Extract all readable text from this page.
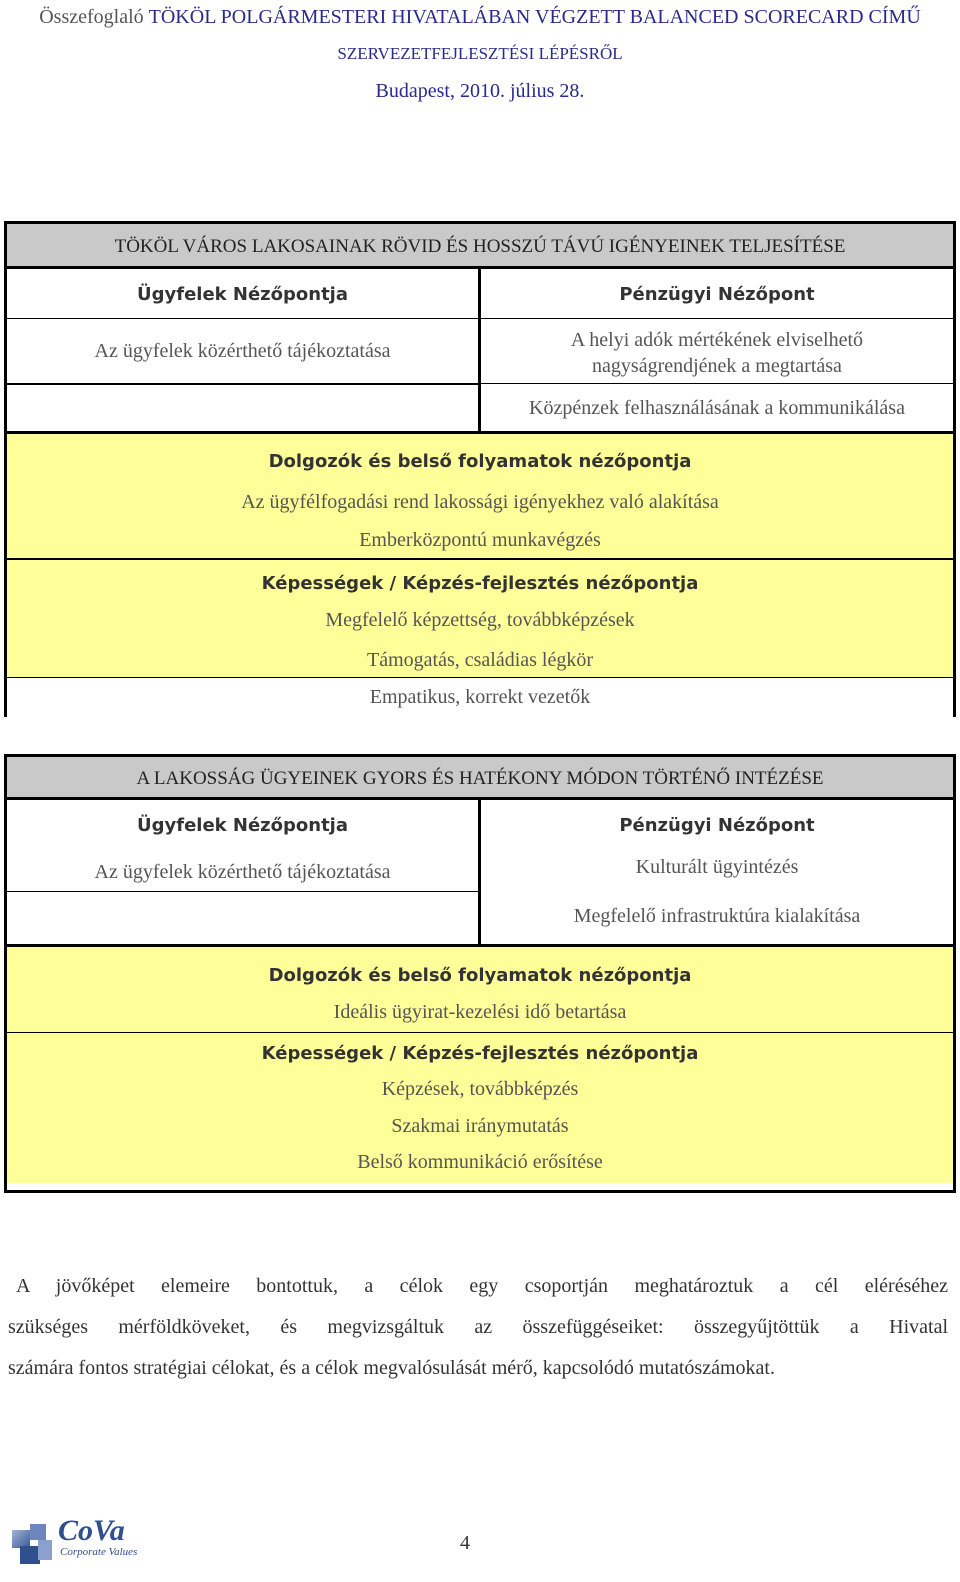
Összefoglaló TÖKÖL POLGÁRMESTERI HIVATALÁBAN VÉGZETT BALANCED SCORECARD CÍMŰ
SZERVEZETFEJLESZTÉSI LÉPÉSRŐL
Budapest, 2010. július 28.
TÖKÖL VÁROS LAKOSAINAK RÖVID ÉS HOSSZÚ TÁVÚ IGÉNYEINEK TELJESÍTÉSE
Ügyfelek Nézőpontja
Az ügyfelek közérthető tájékoztatása
Pénzügyi Nézőpont
A helyi adók mértékének elviselhető nagyságrendjének a megtartása
Közpénzek felhasználásának a kommunikálása
Dolgozók és belső folyamatok nézőpontja
Az ügyfélfogadási rend lakossági igényekhez való alakítása
Emberközpontú munkavégzés
Képességek / Képzés-fejlesztés nézőpontja
Megfelelő képzettség, továbbképzések
Támogatás, családias légkör
Empatikus, korrekt vezetők
A LAKOSSÁG ÜGYEINEK GYORS ÉS HATÉKONY MÓDON TÖRTÉNŐ INTÉZÉSE
Ügyfelek Nézőpontja
Az ügyfelek közérthető tájékoztatása
Pénzügyi Nézőpont
Kulturált ügyintézés
Megfelelő infrastruktúra kialakítása
Dolgozók és belső folyamatok nézőpontja
Ideális ügyirat-kezelési idő betartása
Képességek / Képzés-fejlesztés nézőpontja
Képzések, továbbképzés
Szakmai iránymutatás
Belső kommunikáció erősítése
A jövőképet elemeire bontottuk, a célok egy csoportján meghatároztuk a cél eléréséhez
szükséges mérföldköveket, és megvizsgáltuk az összefüggéseiket: összegyűjtöttük a Hivatal
számára fontos stratégiai célokat, és a célok megvalósulását mérő, kapcsolódó mutatószámokat.
CoVa
Corporate Values	4
